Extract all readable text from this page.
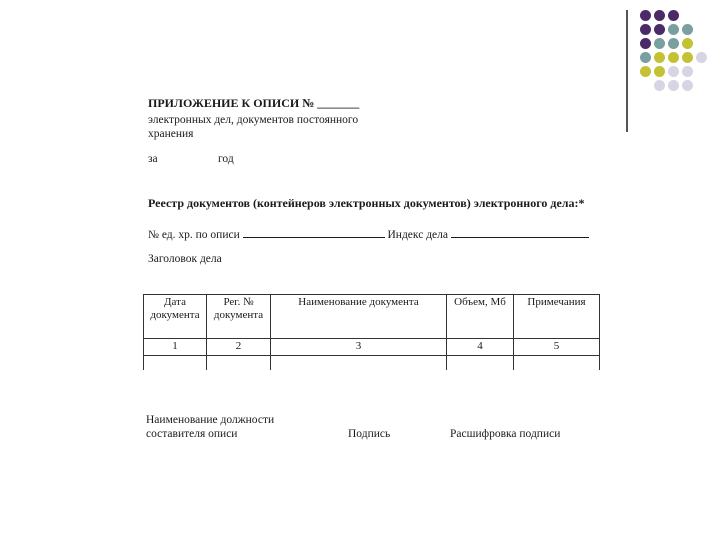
ПРИЛОЖЕНИЕ К ОПИСИ № _______
электронных дел, документов постоянного хранения
за	год
Реестр документов (контейнеров электронных документов) электронного дела:*
№ ед. хр. по описи	Индекс дела
Заголовок дела
Дата документа	Рег. № документа	Наименование документа	Объем, Мб	Примечания
1	2	3	4	5

Наименование должности составителя описи	Подпись	Расшифровка подписи
